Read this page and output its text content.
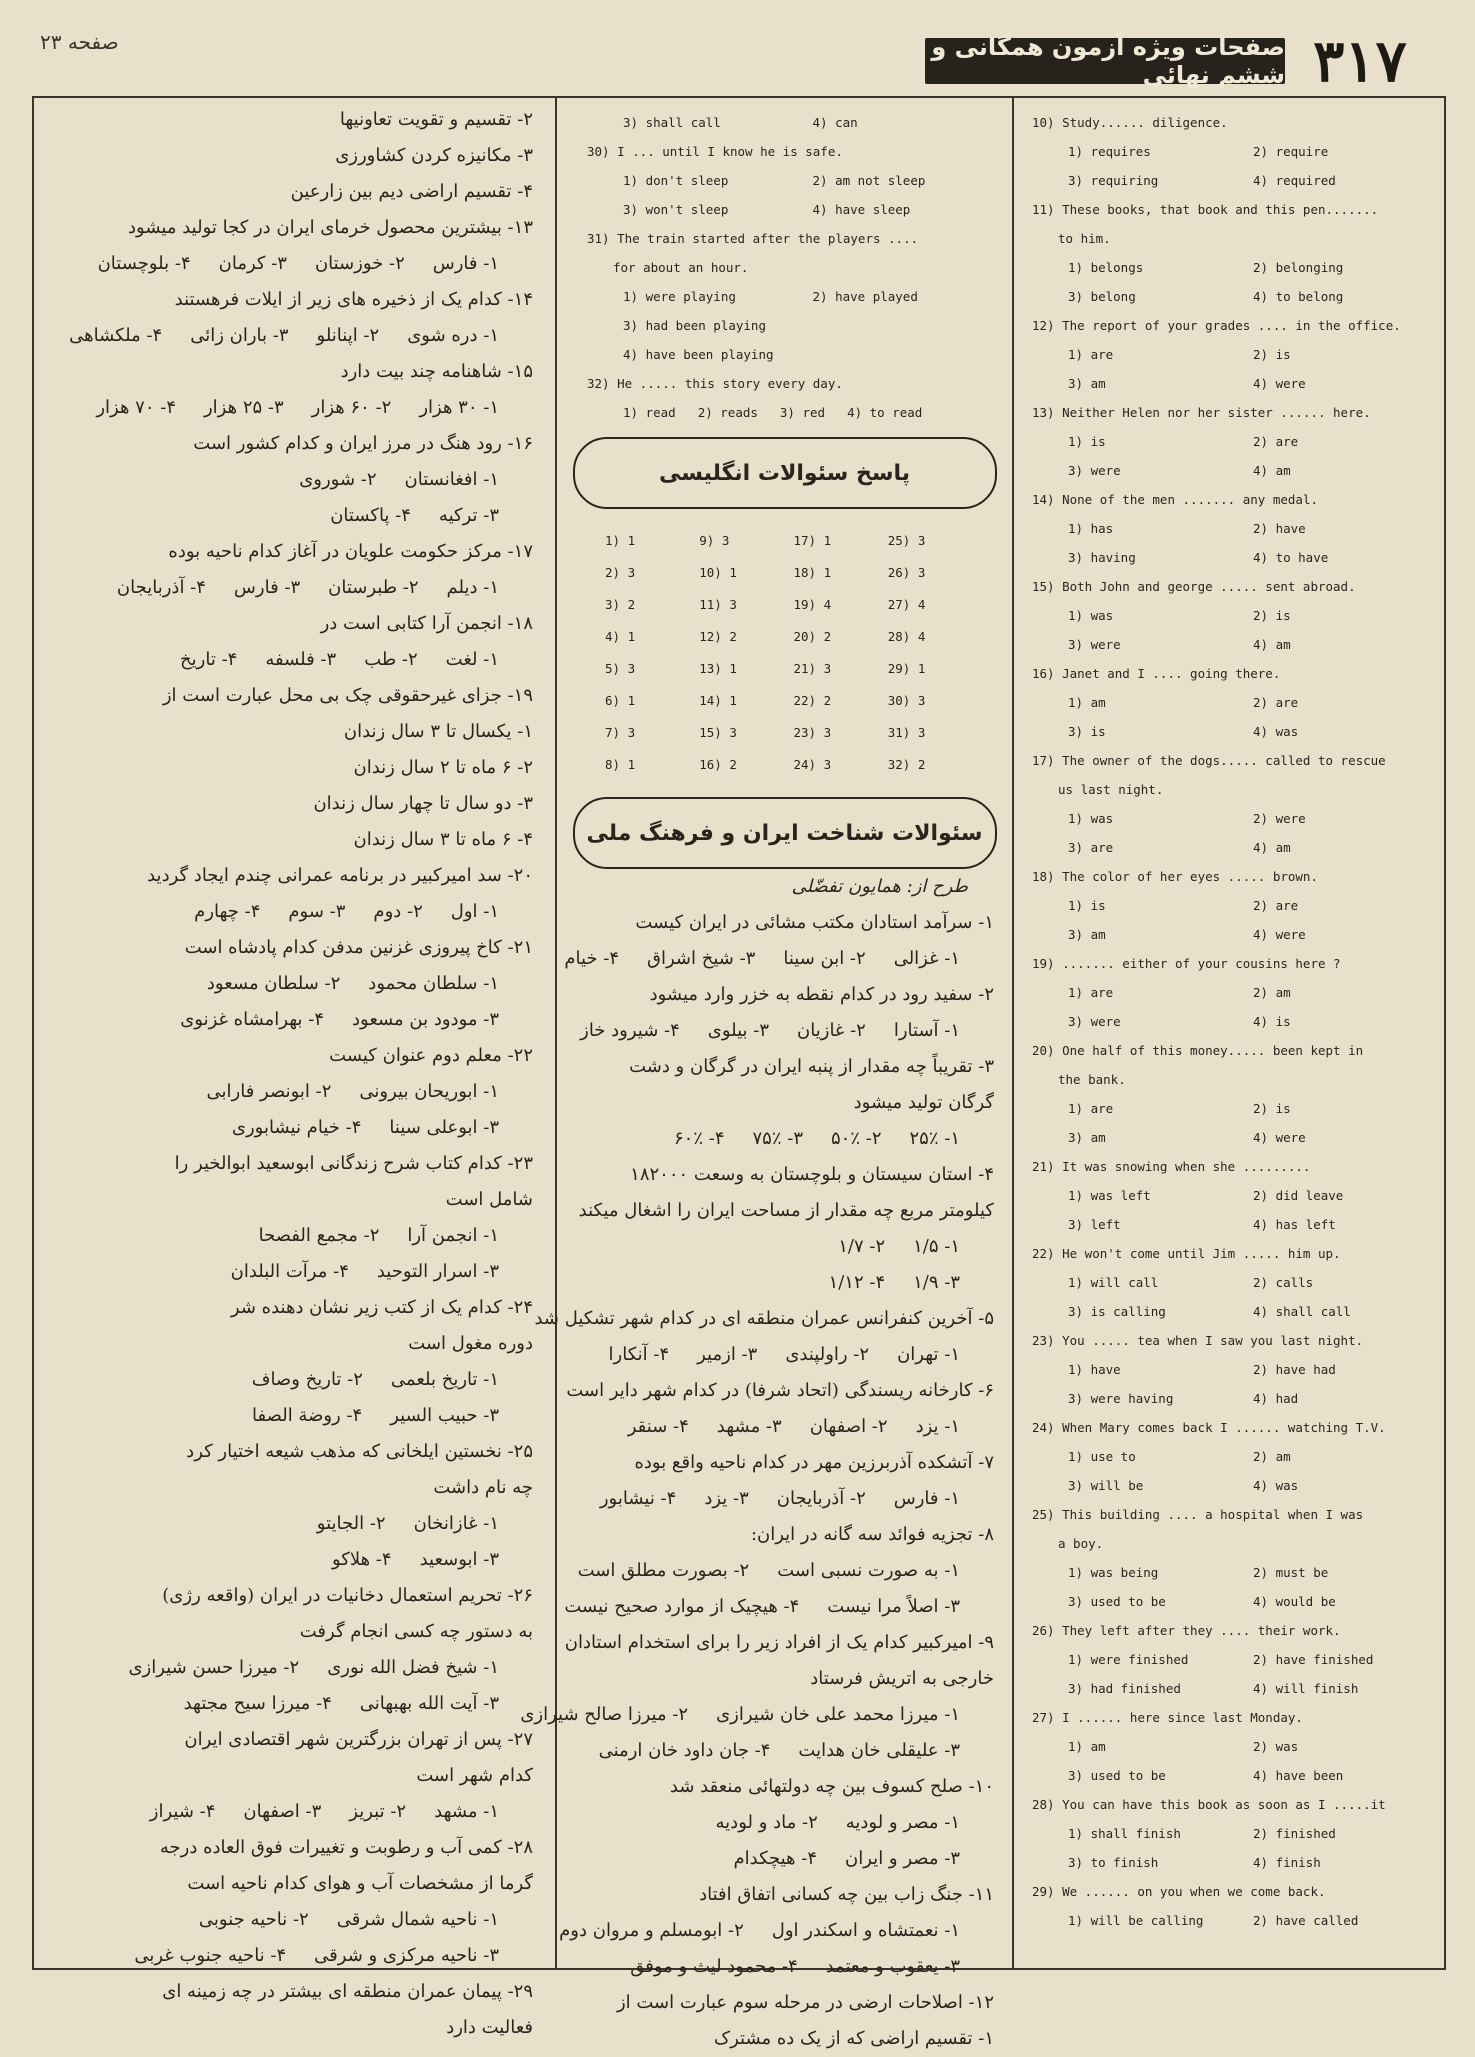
صفحه ۲۳	۳۱۷
صفحات ویژه آزمون همگانی و ششم نهائی
10) Study...... diligence.
1) requires	2) require
3) requiring	4) required
11) These books, that book and this pen.......
to him.
1) belongs	2) belonging
3) belong	4) to belong
12) The report of your grades .... in the office.
1) are	2) is
3) am	4) were
13) Neither Helen nor her sister ...... here.
1) is	2) are
3) were	4) am
14) None of the men ....... any medal.
1) has	2) have
3) having	4) to have
15) Both John and george ..... sent abroad.
1) was	2) is
3) were	4) am
16) Janet and I .... going there.
1) am	2) are
3) is	4) was
17) The owner of the dogs..... called to rescue
us last night.
1) was	2) were
3) are	4) am
18) The color of her eyes ..... brown.
1) is	2) are
3) am	4) were
19) ....... either of your cousins here ?
1) are	2) am
3) were	4) is
20) One half of this money..... been kept in
the bank.
1) are	2) is
3) am	4) were
21) It was snowing when she .........
1) was left	2) did leave
3) left	4) has left
22) He won't come until Jim ..... him up.
1) will call	2) calls
3) is calling	4) shall call
23) You ..... tea when I saw you last night.
1) have	2) have had
3) were having	4) had
24) When Mary comes back I ...... watching T.V.
1) use to	2) am
3) will be	4) was
25) This building .... a hospital when I was
a boy.
1) was being	2) must be
3) used to be	4) would be
26) They left after they .... their work.
1) were finished	2) have finished
3) had finished	4) will finish
27) I ...... here since last Monday.
1) am	2) was
3) used to be	4) have been
28) You can have this book as soon as I .....it
1) shall finish	2) finished
3) to finish	4) finish
29) We ...... on you when we come back.
1) will be calling	2) have called
3) shall call	4) can
30) I ... until I know he is safe.
1) don't sleep	2) am not sleep
3) won't sleep	4) have sleep
31) The train started after the players ....
for about an hour.
1) were playing	2) have played
3) had been playing
4) have been playing
32) He ..... this story every day.
1) read 2) reads 3) red 4) to read
پاسخ سئوالات انگلیسی
1) 1	9) 3	17) 1	25) 3
2) 3	10) 1	18) 1	26) 3
3) 2	11) 3	19) 4	27) 4
4) 1	12) 2	20) 2	28) 4
5) 3	13) 1	21) 3	29) 1
6) 1	14) 1	22) 2	30) 3
7) 3	15) 3	23) 3	31) 3
8) 1	16) 2	24) 3	32) 2
سئوالات شناخت ایران و فرهنگ ملی
طرح از: همایون تفضّلی
۱- سرآمد استادان مکتب مشائی در ایران کیست
۱- غزالی
۲- ابن سینا
۳- شیخ اشراق
۴- خیام
۲- سفید رود در کدام نقطه به خزر وارد میشود
۱- آستارا
۲- غازیان
۳- بیلوی
۴- شیرود خاز
۳- تقریباً چه مقدار از پنبه ایران در گرگان و دشت
گرگان تولید میشود
۱- ۲۵٪
۲- ۵۰٪
۳- ۷۵٪
۴- ۶۰٪
۴- استان سیستان و بلوچستان به وسعت ۱۸۲۰۰۰
کیلومتر مربع چه مقدار از مساحت ایران را اشغال میکند
۱- ۱/۵
۲- ۱/۷
۳- ۱/۹
۴- ۱/۱۲
۵- آخرین کنفرانس عمران منطقه ای در کدام شهر تشکیل شد
۱- تهران
۲- راولپندی
۳- ازمیر
۴- آنکارا
۶- کارخانه ریسندگی (اتحاد شرفا) در کدام شهر دایر است
۱- یزد
۲- اصفهان
۳- مشهد
۴- سنقر
۷- آتشکده آذربرزین مهر در کدام ناحیه واقع بوده
۱- فارس
۲- آذربایجان
۳- یزد
۴- نیشابور
۸- تجزیه فوائد سه گانه در ایران:
۱- به صورت نسبی است
۲- بصورت مطلق است
۳- اصلاً مرا نیست
۴- هیچیک از موارد صحیح نیست
۹- امیرکبیر کدام یک از افراد زیر را برای استخدام استادان
خارجی به اتریش فرستاد
۱- میرزا محمد علی خان شیرازی
۲- میرزا صالح شیرازی
۳- علیقلی خان هدایت
۴- جان داود خان ارمنی
۱۰- صلح کسوف بین چه دولتهائی منعقد شد
۱- مصر و لودیه
۲- ماد و لودیه
۳- مصر و ایران
۴- هیچکدام
۱۱- جنگ زاب بین چه کسانی اتفاق افتاد
۱- نعمتشاه و اسکندر اول
۲- ابومسلم و مروان دوم
۳- یعقوب و معتمد
۴- محمود لیث و موفق
۱۲- اصلاحات ارضی در مرحله سوم عبارت است از
۱- تقسیم اراضی که از یک ده مشترک
۲- تقسیم و تقویت تعاونیها
۳- مکانیزه کردن کشاورزی
۴- تقسیم اراضی دیم بین زارعین
۱۳- بیشترین محصول خرمای ایران در کجا تولید میشود
۱- فارس
۲- خوزستان
۳- کرمان
۴- بلوچستان
۱۴- کدام یک از ذخیره های زیر از ایلات فرهستند
۱- دره شوی
۲- اپنانلو
۳- باران زائی
۴- ملکشاهی
۱۵- شاهنامه چند بیت دارد
۱- ۳۰ هزار
۲- ۶۰ هزار
۳- ۲۵ هزار
۴- ۷۰ هزار
۱۶- رود هنگ در مرز ایران و کدام کشور است
۱- افغانستان
۲- شوروی
۳- ترکیه
۴- پاکستان
۱۷- مرکز حکومت علویان در آغاز کدام ناحیه بوده
۱- دیلم
۲- طبرستان
۳- فارس
۴- آذربایجان
۱۸- انجمن آرا کتابی است در
۱- لغت
۲- طب
۳- فلسفه
۴- تاریخ
۱۹- جزای غیرحقوقی چک بی محل عبارت است از
۱- یکسال تا ۳ سال زندان
۲- ۶ ماه تا ۲ سال زندان
۳- دو سال تا چهار سال زندان
۴- ۶ ماه تا ۳ سال زندان
۲۰- سد امیرکبیر در برنامه عمرانی چندم ایجاد گردید
۱- اول
۲- دوم
۳- سوم
۴- چهارم
۲۱- کاخ پیروزی غزنین مدفن کدام پادشاه است
۱- سلطان محمود
۲- سلطان مسعود
۳- مودود بن مسعود
۴- بهرامشاه غزنوی
۲۲- معلم دوم عنوان کیست
۱- ابوریحان بیرونی
۲- ابونصر فارابی
۳- ابوعلی سینا
۴- خیام نیشابوری
۲۳- کدام کتاب شرح زندگانی ابوسعید ابوالخیر را
شامل است
۱- انجمن آرا
۲- مجمع الفصحا
۳- اسرار التوحید
۴- مرآت البلدان
۲۴- کدام یک از کتب زیر نشان دهنده شر
دوره مغول است
۱- تاریخ بلعمی
۲- تاریخ وصاف
۳- حبیب السیر
۴- روضة الصفا
۲۵- نخستین ایلخانی که مذهب شیعه اختیار کرد
چه نام داشت
۱- غازانخان
۲- الجایتو
۳- ابوسعید
۴- هلاکو
۲۶- تحریم استعمال دخانیات در ایران (واقعه رژی)
به دستور چه کسی انجام گرفت
۱- شیخ فضل الله نوری
۲- میرزا حسن شیرازی
۳- آیت الله بهبهانی
۴- میرزا سیح مجتهد
۲۷- پس از تهران بزرگترین شهر اقتصادی ایران
کدام شهر است
۱- مشهد
۲- تبریز
۳- اصفهان
۴- شیراز
۲۸- کمی آب و رطوبت و تغییرات فوق العاده درجه
گرما از مشخصات آب و هوای کدام ناحیه است
۱- ناحیه شمال شرقی
۲- ناحیه جنوبی
۳- ناحیه مرکزی و شرقی
۴- ناحیه جنوب غربی
۲۹- پیمان عمران منطقه ای بیشتر در چه زمینه ای
فعالیت دارد
